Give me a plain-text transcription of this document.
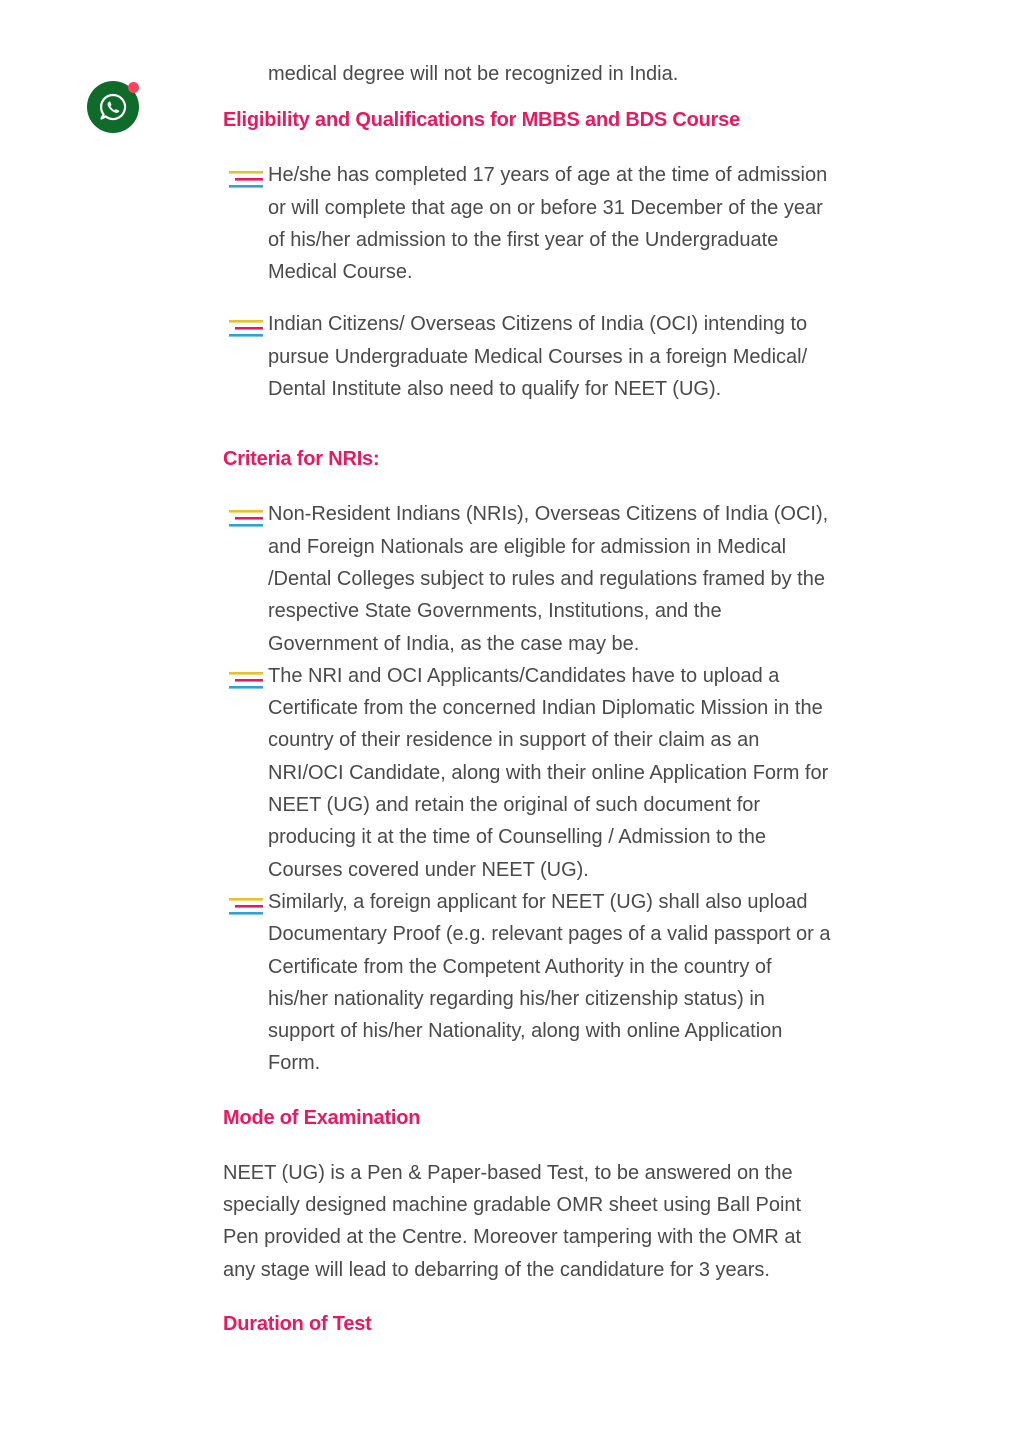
medical degree will not be recognized in India.

Eligibility and Qualifications for MBBS and BDS Course
He/she has completed 17 years of age at the time of admission or will complete that age on or before 31 December of the year of his/her admission to the first year of the Undergraduate Medical Course.
Indian Citizens/ Overseas Citizens of India (OCI) intending to pursue Undergraduate Medical Courses in a foreign Medical/ Dental Institute also need to qualify for NEET (UG).
Criteria for NRIs:
Non-Resident Indians (NRIs), Overseas Citizens of India (OCI), and Foreign Nationals are eligible for admission in Medical /Dental Colleges subject to rules and regulations framed by the respective State Governments, Institutions, and the Government of India, as the case may be.
The NRI and OCI Applicants/Candidates have to upload a Certificate from the concerned Indian Diplomatic Mission in the country of their residence in support of their claim as an NRI/OCI Candidate, along with their online Application Form for NEET (UG) and retain the original of such document for producing it at the time of Counselling / Admission to the Courses covered under NEET (UG).
Similarly, a foreign applicant for NEET (UG) shall also upload Documentary Proof (e.g. relevant pages of a valid passport or a Certificate from the Competent Authority in the country of his/her nationality regarding his/her citizenship status) in support of his/her Nationality, along with online Application Form.
Mode of Examination

NEET (UG) is a Pen & Paper-based Test, to be answered on the specially designed machine gradable OMR sheet using Ball Point Pen provided at the Centre. Moreover tampering with the OMR at any stage will lead to debarring of the candidature for 3 years.

Duration of Test
